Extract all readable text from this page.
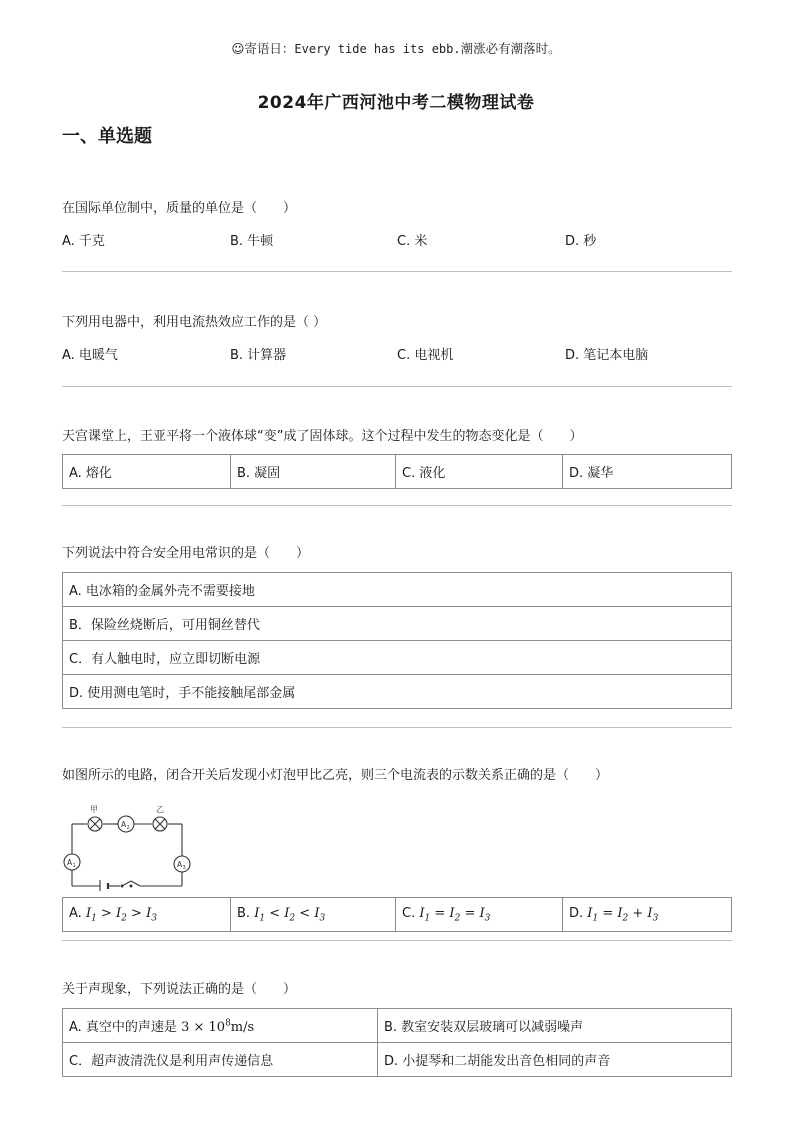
☺寄语日：Every tide has its ebb.潮涨必有潮落时。
2024年广西河池中考二模物理试卷
一、单选题
在国际单位制中，质量的单位是（　　）
A. 千克	B. 牛顿	C. 米	D. 秒
下列用电器中，利用电流热效应工作的是（ ）
A. 电暖气	B. 计算器	C. 电视机	D. 笔记本电脑
天宫课堂上，王亚平将一个液体球“变”成了固体球。这个过程中发生的物态变化是（　　）
A. 熔化	B. 凝固	C. 液化	D. 凝华
下列说法中符合安全用电常识的是（　　）
A. 电冰箱的金属外壳不需要接地
B．保险丝烧断后，可用铜丝替代
C．有人触电时，应立即切断电源
D. 使用测电笔时，手不能接触尾部金属
如图所示的电路，闭合开关后发现小灯泡甲比乙亮，则三个电流表的示数关系正确的是（　　）
甲	乙
A 2
A 1	A 3
A. $I_1 > I_2 > I_3$	B. $I_1 < I_2 < I_3$	C. $I_1 = I_2 = I_3$	D. $I_1 = I_2 + I_3$
关于声现象，下列说法正确的是（　　）
A. 真空中的声速是 $3 \times 10^8m/s$	B. 教室安装双层玻璃可以减弱噪声
C．超声波清洗仪是利用声传递信息	D. 小提琴和二胡能发出音色相同的声音
